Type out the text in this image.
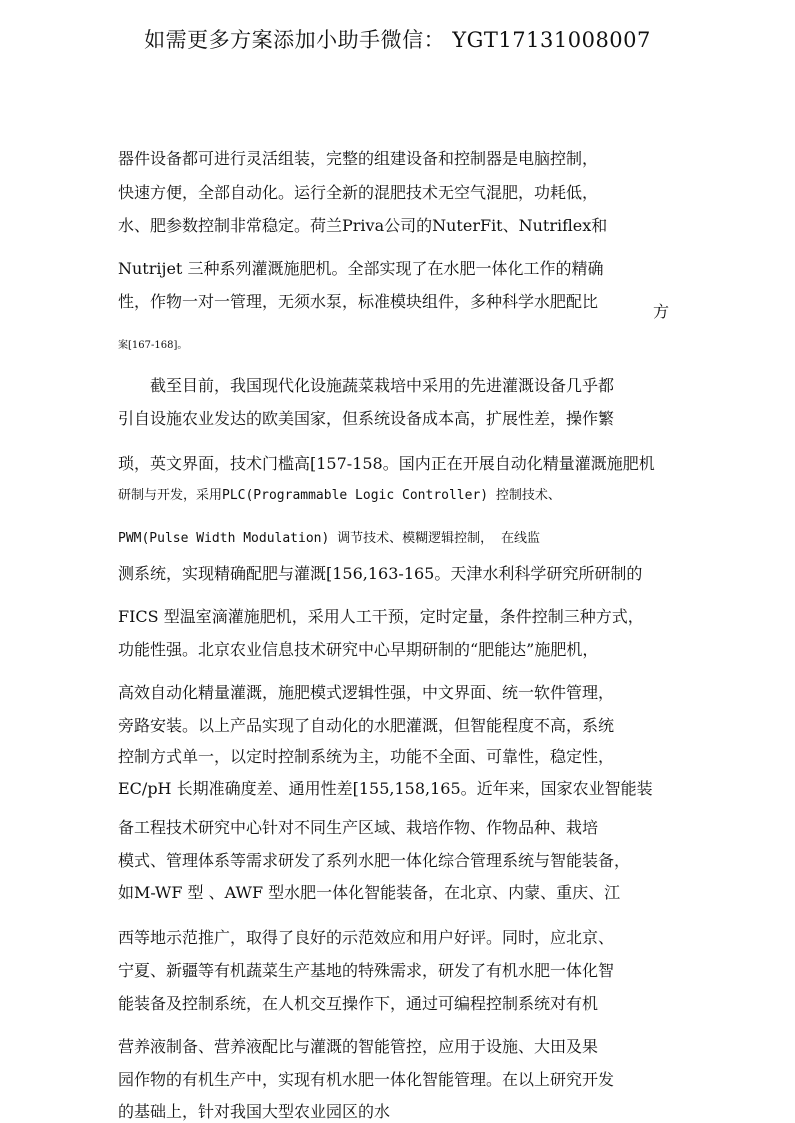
如需更多方案添加小助手微信： YGT17131008007
器件设备都可进行灵活组装，完整的组建设备和控制器是电脑控制，
快速方便，全部自动化。运行全新的混肥技术无空气混肥，功耗低，
水、肥参数控制非常稳定。荷兰Priva公司的NuterFit、Nutriflex和
Nutrijet 三种系列灌溉施肥机。全部实现了在水肥一体化工作的精确
性，作物一对一管理，无须水泵，标准模块组件，多种科学水肥配比
方
案[167-168]。
截至目前，我国现代化设施蔬菜栽培中采用的先进灌溉设备几乎都
引自设施农业发达的欧美国家，但系统设备成本高，扩展性差，操作繁
琐，英文界面，技术门槛高[157-158。国内正在开展自动化精量灌溉施肥机
研制与开发，采用PLC(Programmable Logic Controller) 控制技术、
PWM(Pulse Width Modulation) 调节技术、模糊逻辑控制， 在线监
测系统，实现精确配肥与灌溉[156,163-165。天津水利科学研究所研制的
FICS 型温室滴灌施肥机，采用人工干预，定时定量，条件控制三种方式，
功能性强。北京农业信息技术研究中心早期研制的“肥能达”施肥机，
高效自动化精量灌溉，施肥模式逻辑性强，中文界面、统一软件管理，
旁路安装。以上产品实现了自动化的水肥灌溉，但智能程度不高，系统
控制方式单一，以定时控制系统为主，功能不全面、可靠性，稳定性，
EC/pH 长期准确度差、通用性差[155,158,165。近年来，国家农业智能装
备工程技术研究中心针对不同生产区域、栽培作物、作物品种、栽培
模式、管理体系等需求研发了系列水肥一体化综合管理系统与智能装备，
如M-WF 型 、AWF 型水肥一体化智能装备，在北京、内蒙、重庆、江
西等地示范推广，取得了良好的示范效应和用户好评。同时，应北京、
宁夏、新疆等有机蔬菜生产基地的特殊需求，研发了有机水肥一体化智
能装备及控制系统，在人机交互操作下，通过可编程控制系统对有机
营养液制备、营养液配比与灌溉的智能管控，应用于设施、大田及果
园作物的有机生产中，实现有机水肥一体化智能管理。在以上研究开发
的基础上，针对我国大型农业园区的水
